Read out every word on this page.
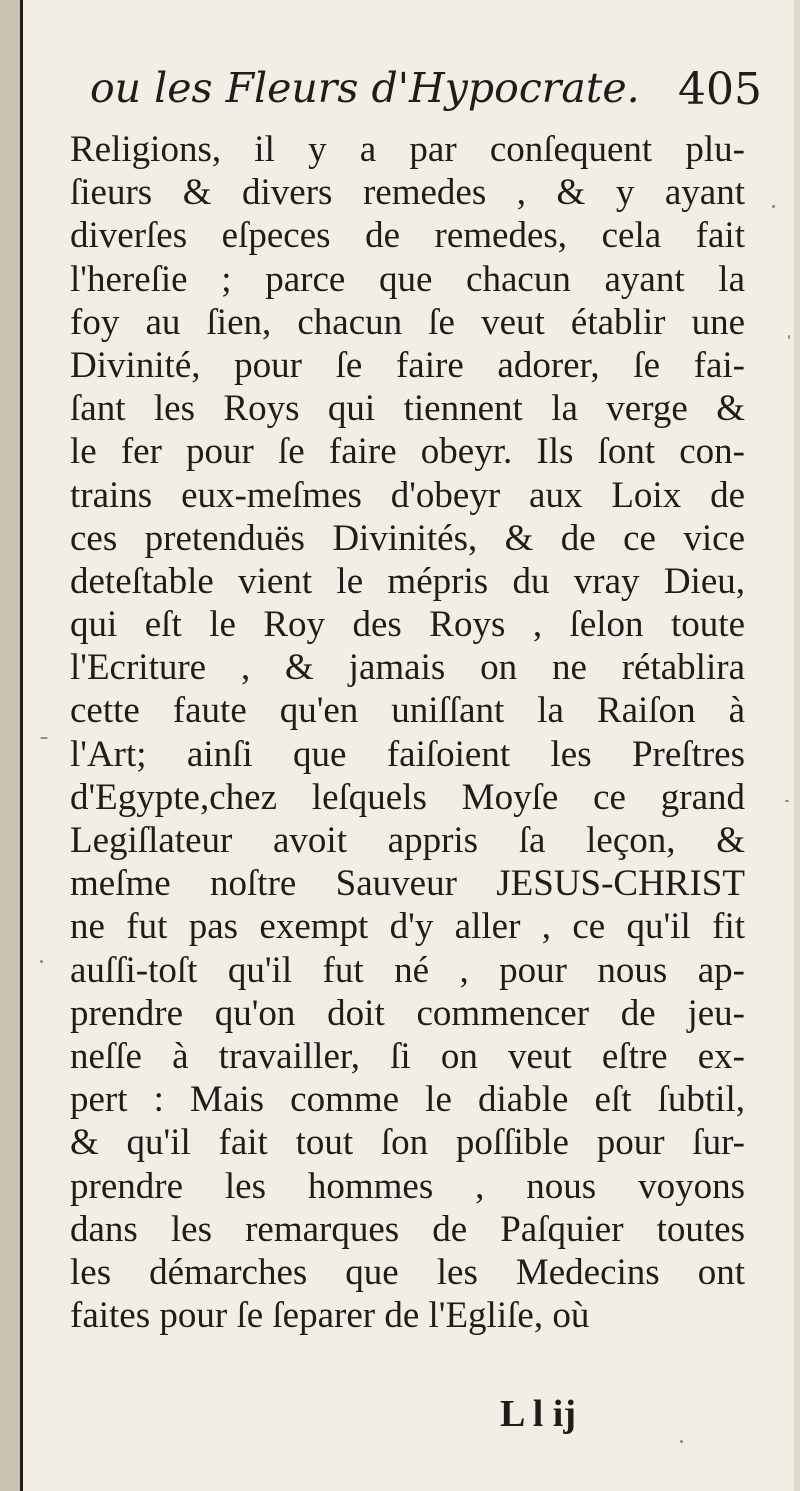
ou les Fleurs d'Hypocrate. 405
Religions, il y a par conſequent plu-
ſieurs & divers remedes , & y ayant
diverſes eſpeces de remedes, cela fait
l'hereſie ; parce que chacun ayant la
foy au ſien, chacun ſe veut établir une
Divinité, pour ſe faire adorer, ſe fai-
ſant les Roys qui tiennent la verge &
le fer pour ſe faire obeyr. Ils ſont con-
trains eux-meſmes d'obeyr aux Loix de
ces pretenduës Divinités, & de ce vice
deteſtable vient le mépris du vray Dieu,
qui eſt le Roy des Roys , ſelon toute
l'Ecriture , & jamais on ne rétablira
cette faute qu'en uniſſant la Raiſon à
l'Art; ainſi que faiſoient les Preſtres
d'Egypte,chez leſquels Moyſe ce grand
Legiſlateur avoit appris ſa leçon, &
meſme noſtre Sauveur JESUS-CHRIST
ne fut pas exempt d'y aller , ce qu'il fit
auſſi-toſt qu'il fut né , pour nous ap-
prendre qu'on doit commencer de jeu-
neſſe à travailler, ſi on veut eſtre ex-
pert : Mais comme le diable eſt ſubtil,
& qu'il fait tout ſon poſſible pour ſur-
prendre les hommes , nous voyons
dans les remarques de Paſquier toutes
les démarches que les Medecins ont
faites pour ſe ſeparer de l'Egliſe, où
L l ij
